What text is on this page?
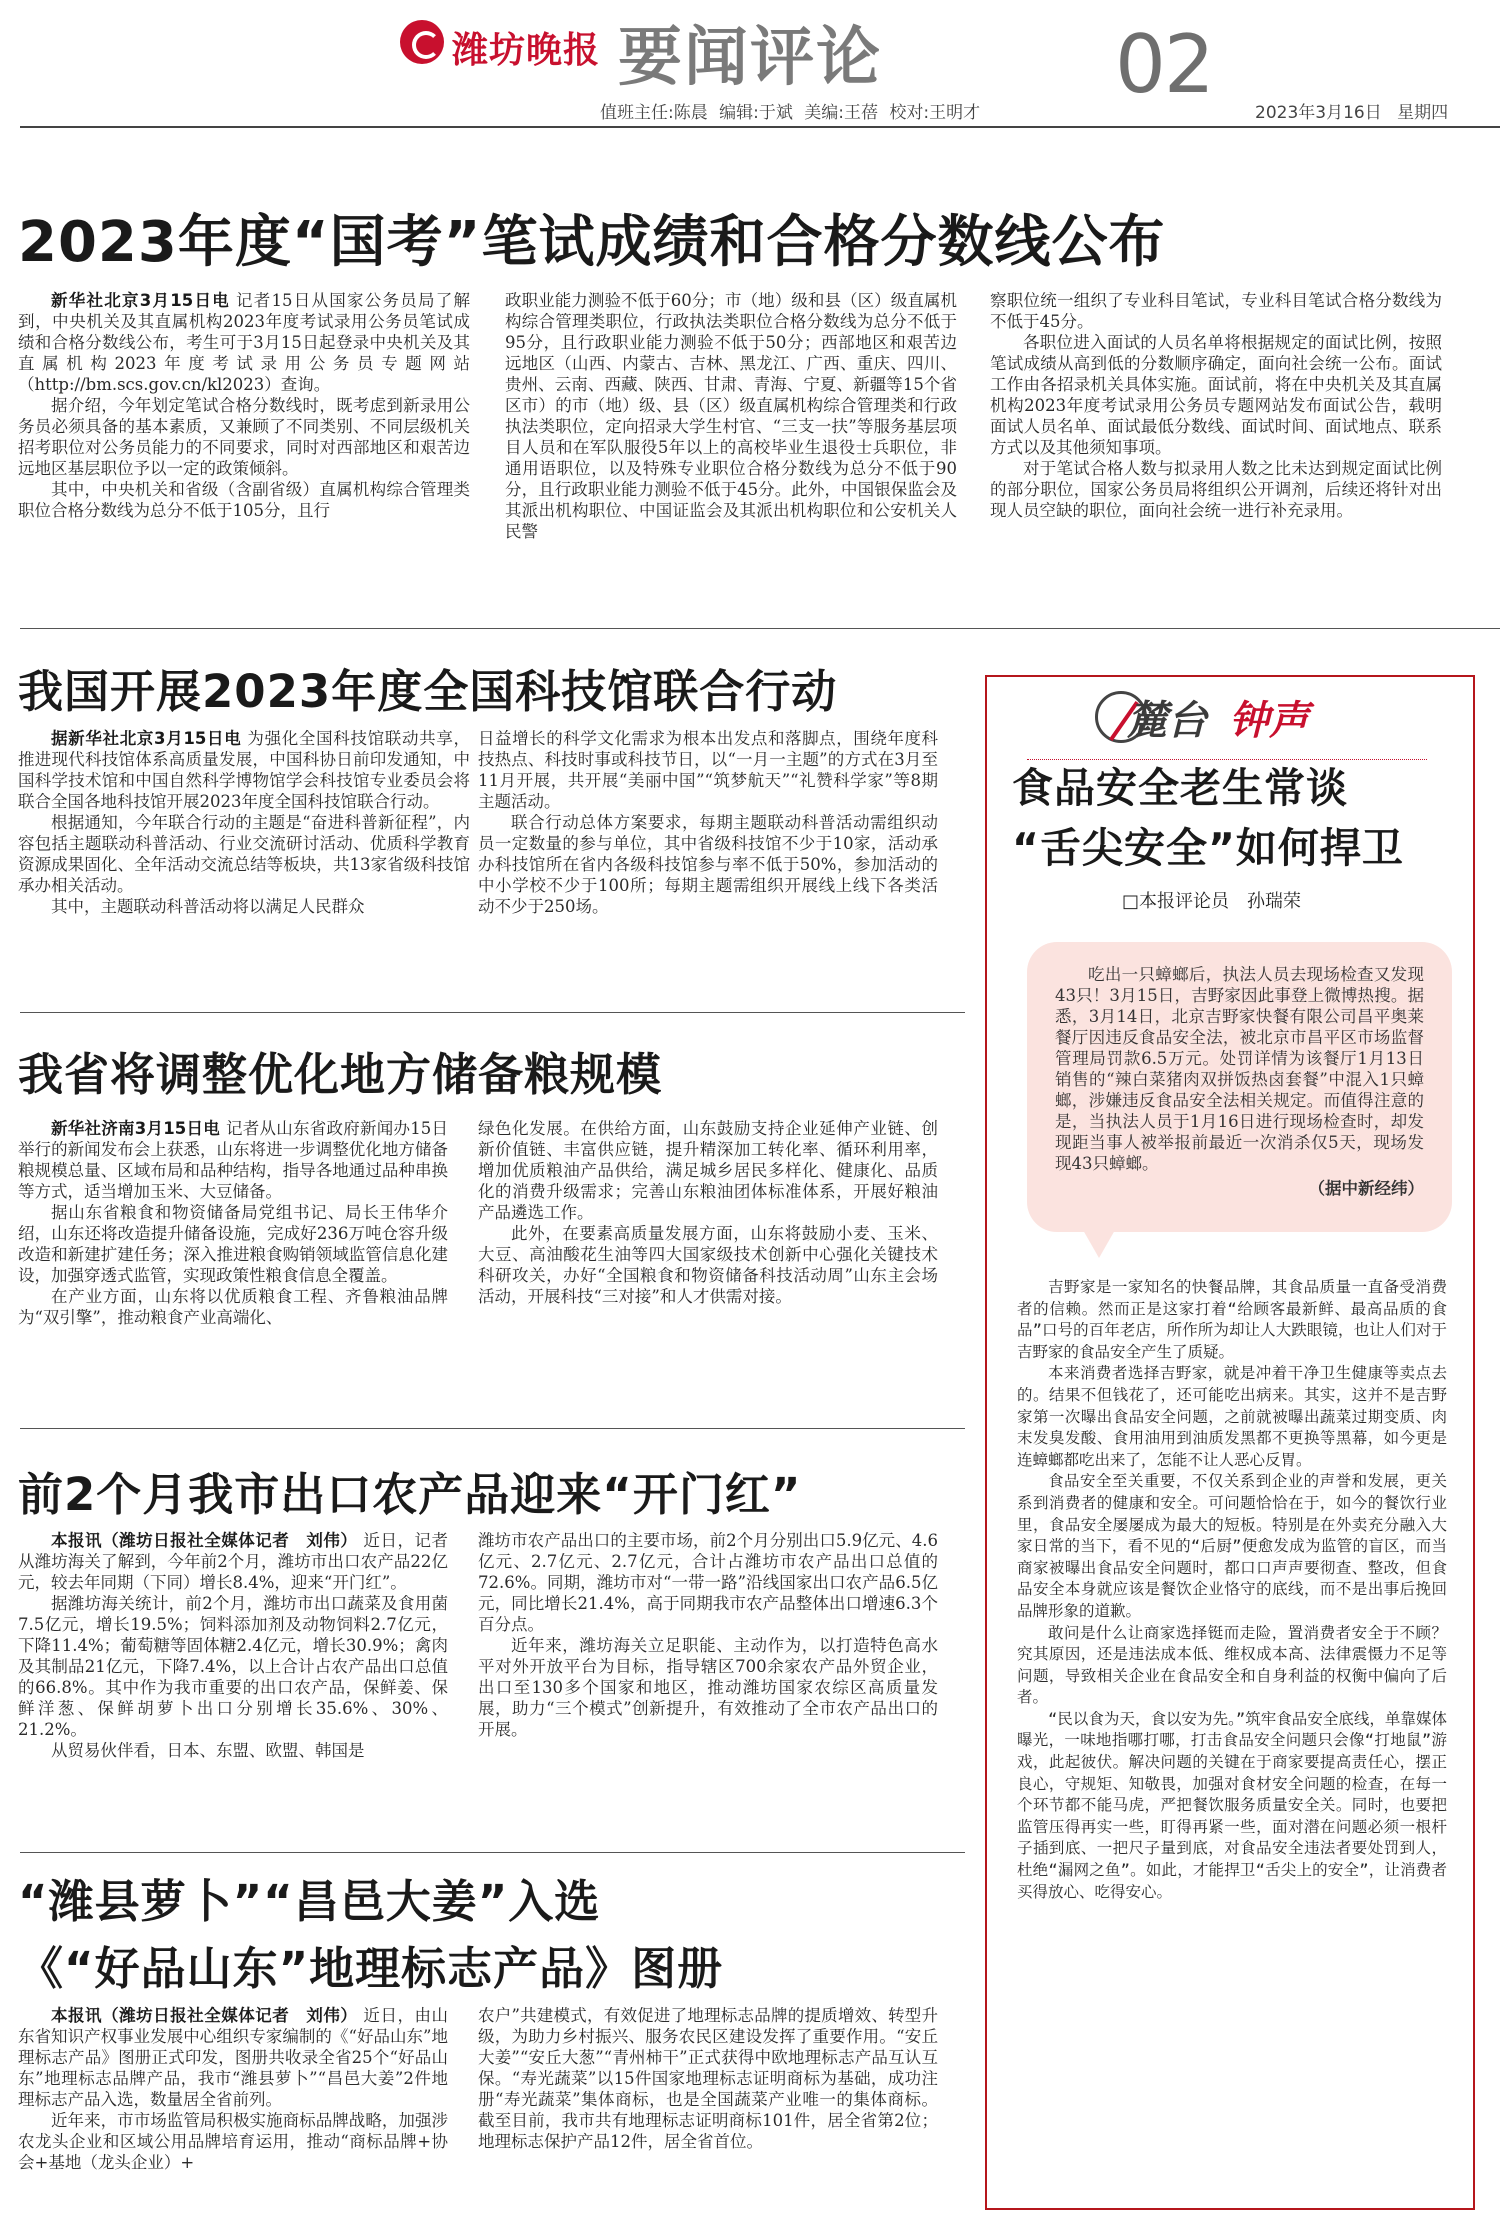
潍坊晚报 要闻评论	02
值班主任:陈晨 编辑:于斌 美编:王蓓 校对:王明才	2023年3月16日 星期四
2023年度“国考”笔试成绩和合格分数线公布

新华社北京3月15日电 记者15日从国家公务员局了解到，中央机关及其直属机构2023年度考试录用公务员笔试成绩和合格分数线公布，考生可于3月15日起登录中央机关及其直属机构2023年度考试录用公务员专题网站（http://bm.scs.gov.cn/kl2023）查询。

据介绍，今年划定笔试合格分数线时，既考虑到新录用公务员必须具备的基本素质，又兼顾了不同类别、不同层级机关招考职位对公务员能力的不同要求，同时对西部地区和艰苦边远地区基层职位予以一定的政策倾斜。

其中，中央机关和省级（含副省级）直属机构综合管理类职位合格分数线为总分不低于105分，且行

政职业能力测验不低于60分；市（地）级和县（区）级直属机构综合管理类职位，行政执法类职位合格分数线为总分不低于95分，且行政职业能力测验不低于50分；西部地区和艰苦边远地区（山西、内蒙古、吉林、黑龙江、广西、重庆、四川、贵州、云南、西藏、陕西、甘肃、青海、宁夏、新疆等15个省区市）的市（地）级、县（区）级直属机构综合管理类和行政执法类职位，定向招录大学生村官、“三支一扶”等服务基层项目人员和在军队服役5年以上的高校毕业生退役士兵职位，非通用语职位，以及特殊专业职位合格分数线为总分不低于90分，且行政职业能力测验不低于45分。此外，中国银保监会及其派出机构职位、中国证监会及其派出机构职位和公安机关人民警

察职位统一组织了专业科目笔试，专业科目笔试合格分数线为不低于45分。

各职位进入面试的人员名单将根据规定的面试比例，按照笔试成绩从高到低的分数顺序确定，面向社会统一公布。面试工作由各招录机关具体实施。面试前，将在中央机关及其直属机构2023年度考试录用公务员专题网站发布面试公告，载明面试人员名单、面试最低分数线、面试时间、面试地点、联系方式以及其他须知事项。

对于笔试合格人数与拟录用人数之比未达到规定面试比例的部分职位，国家公务员局将组织公开调剂，后续还将针对出现人员空缺的职位，面向社会统一进行补充录用。

我国开展2023年度全国科技馆联合行动

据新华社北京3月15日电 为强化全国科技馆联动共享，推进现代科技馆体系高质量发展，中国科协日前印发通知，中国科学技术馆和中国自然科学博物馆学会科技馆专业委员会将联合全国各地科技馆开展2023年度全国科技馆联合行动。

根据通知，今年联合行动的主题是“奋进科普新征程”，内容包括主题联动科普活动、行业交流研讨活动、优质科学教育资源成果固化、全年活动交流总结等板块，共13家省级科技馆承办相关活动。

其中，主题联动科普活动将以满足人民群众

日益增长的科学文化需求为根本出发点和落脚点，围绕年度科技热点、科技时事或科技节日，以“一月一主题”的方式在3月至11月开展，共开展“美丽中国”“筑梦航天”“礼赞科学家”等8期主题活动。

联合行动总体方案要求，每期主题联动科普活动需组织动员一定数量的参与单位，其中省级科技馆不少于10家，活动承办科技馆所在省内各级科技馆参与率不低于50%，参加活动的中小学校不少于100所；每期主题需组织开展线上线下各类活动不少于250场。

我省将调整优化地方储备粮规模

新华社济南3月15日电 记者从山东省政府新闻办15日举行的新闻发布会上获悉，山东将进一步调整优化地方储备粮规模总量、区域布局和品种结构，指导各地通过品种串换等方式，适当增加玉米、大豆储备。

据山东省粮食和物资储备局党组书记、局长王伟华介绍，山东还将改造提升储备设施，完成好236万吨仓容升级改造和新建扩建任务；深入推进粮食购销领域监管信息化建设，加强穿透式监管，实现政策性粮食信息全覆盖。

在产业方面，山东将以优质粮食工程、齐鲁粮油品牌为“双引擎”，推动粮食产业高端化、

绿色化发展。在供给方面，山东鼓励支持企业延伸产业链、创新价值链、丰富供应链，提升精深加工转化率、循环利用率，增加优质粮油产品供给，满足城乡居民多样化、健康化、品质化的消费升级需求；完善山东粮油团体标准体系，开展好粮油产品遴选工作。

此外，在要素高质量发展方面，山东将鼓励小麦、玉米、大豆、高油酸花生油等四大国家级技术创新中心强化关键技术科研攻关，办好“全国粮食和物资储备科技活动周”山东主会场活动，开展科技“三对接”和人才供需对接。

前2个月我市出口农产品迎来“开门红”

本报讯（潍坊日报社全媒体记者　刘伟） 近日，记者从潍坊海关了解到，今年前2个月，潍坊市出口农产品22亿元，较去年同期（下同）增长8.4%，迎来“开门红”。

据潍坊海关统计，前2个月，潍坊市出口蔬菜及食用菌7.5亿元，增长19.5%；饲料添加剂及动物饲料2.7亿元，下降11.4%；葡萄糖等固体糖2.4亿元，增长30.9%；禽肉及其制品21亿元，下降7.4%，以上合计占农产品出口总值的66.8%。其中作为我市重要的出口农产品，保鲜姜、保鲜洋葱、保鲜胡萝卜出口分别增长35.6%、30%、21.2%。

从贸易伙伴看，日本、东盟、欧盟、韩国是

潍坊市农产品出口的主要市场，前2个月分别出口5.9亿元、4.6亿元、2.7亿元、2.7亿元，合计占潍坊市农产品出口总值的72.6%。同期，潍坊市对“一带一路”沿线国家出口农产品6.5亿元，同比增长21.4%，高于同期我市农产品整体出口增速6.3个百分点。

近年来，潍坊海关立足职能、主动作为，以打造特色高水平对外开放平台为目标，指导辖区700余家农产品外贸企业，出口至130多个国家和地区，推动潍坊国家农综区高质量发展，助力“三个模式”创新提升，有效推动了全市农产品出口的开展。

“潍县萝卜”“昌邑大姜”入选
《“好品山东”地理标志产品》图册

本报讯（潍坊日报社全媒体记者　刘伟） 近日，由山东省知识产权事业发展中心组织专家编制的《“好品山东”地理标志产品》图册正式印发，图册共收录全省25个“好品山东”地理标志品牌产品，我市“潍县萝卜”“昌邑大姜”2件地理标志产品入选，数量居全省前列。

近年来，市市场监管局积极实施商标品牌战略，加强涉农龙头企业和区域公用品牌培育运用，推动“商标品牌+协会+基地（龙头企业）+

农户”共建模式，有效促进了地理标志品牌的提质增效、转型升级，为助力乡村振兴、服务农民区建设发挥了重要作用。“安丘大姜”“安丘大葱”“青州柿干”正式获得中欧地理标志产品互认互保。“寿光蔬菜”以15件国家地理标志证明商标为基础，成功注册“寿光蔬菜”集体商标，也是全国蔬菜产业唯一的集体商标。截至目前，我市共有地理标志证明商标101件，居全省第2位；地理标志保护产品12件，居全省首位。

麓台 钟声
食品安全老生常谈
“舌尖安全”如何捍卫
□本报评论员　孙瑞荣

吃出一只蟑螂后，执法人员去现场检查又发现43只！3月15日，吉野家因此事登上微博热搜。据悉，3月14日，北京吉野家快餐有限公司昌平奥莱餐厅因违反食品安全法，被北京市昌平区市场监督管理局罚款6.5万元。处罚详情为该餐厅1月13日销售的“辣白菜猪肉双拼饭热卤套餐”中混入1只蟑螂，涉嫌违反食品安全法相关规定。而值得注意的是，当执法人员于1月16日进行现场检查时，却发现距当事人被举报前最近一次消杀仅5天，现场发现43只蟑螂。

（据中新经纬）

吉野家是一家知名的快餐品牌，其食品质量一直备受消费者的信赖。然而正是这家打着“给顾客最新鲜、最高品质的食品”口号的百年老店，所作所为却让人大跌眼镜，也让人们对于吉野家的食品安全产生了质疑。

本来消费者选择吉野家，就是冲着干净卫生健康等卖点去的。结果不但钱花了，还可能吃出病来。其实，这并不是吉野家第一次曝出食品安全问题，之前就被曝出蔬菜过期变质、肉末发臭发酸、食用油用到油质发黑都不更换等黑幕，如今更是连蟑螂都吃出来了，怎能不让人恶心反胃。

食品安全至关重要，不仅关系到企业的声誉和发展，更关系到消费者的健康和安全。可问题恰恰在于，如今的餐饮行业里，食品安全屡屡成为最大的短板。特别是在外卖充分融入大家日常的当下，看不见的“后厨”便愈发成为监管的盲区，而当商家被曝出食品安全问题时，都口口声声要彻查、整改，但食品安全本身就应该是餐饮企业恪守的底线，而不是出事后挽回品牌形象的道歉。

敢问是什么让商家选择铤而走险，置消费者安全于不顾？究其原因，还是违法成本低、维权成本高、法律震慑力不足等问题，导致相关企业在食品安全和自身利益的权衡中偏向了后者。

“民以食为天，食以安为先。”筑牢食品安全底线，单靠媒体曝光，一味地指哪打哪，打击食品安全问题只会像“打地鼠”游戏，此起彼伏。解决问题的关键在于商家要提高责任心，摆正良心，守规矩、知敬畏，加强对食材安全问题的检查，在每一个环节都不能马虎，严把餐饮服务质量安全关。同时，也要把监管压得再实一些，盯得再紧一些，面对潜在问题必须一根杆子插到底、一把尺子量到底，对食品安全违法者要处罚到人，杜绝“漏网之鱼”。如此，才能捍卫“舌尖上的安全”，让消费者买得放心、吃得安心。
